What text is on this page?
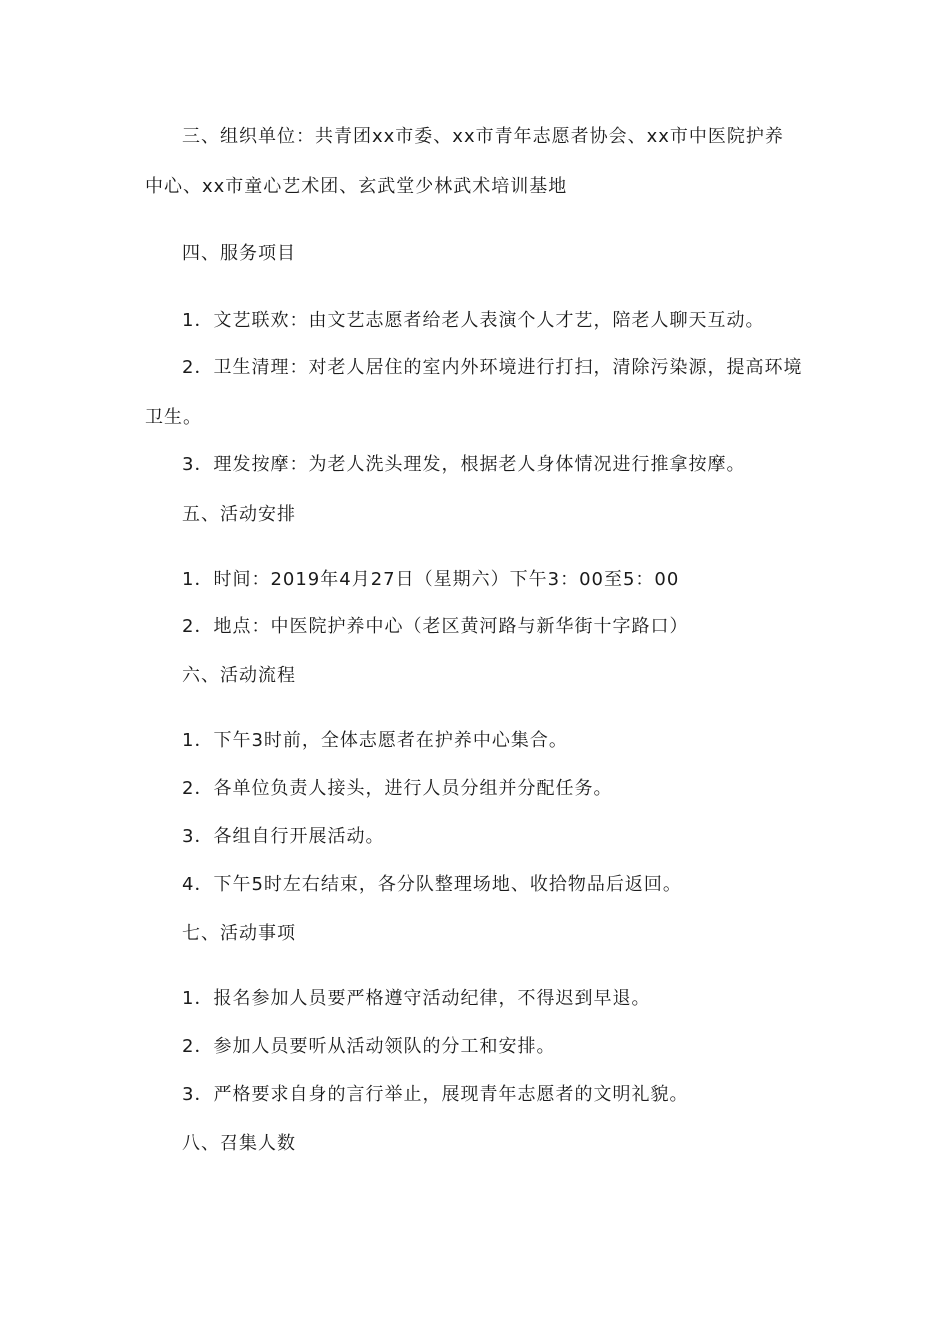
三、组织单位：共青团xx市委、xx市青年志愿者协会、xx市中医院护养
中心、xx市童心艺术团、玄武堂少林武术培训基地
四、服务项目
1．文艺联欢：由文艺志愿者给老人表演个人才艺，陪老人聊天互动。
2．卫生清理：对老人居住的室内外环境进行打扫，清除污染源，提高环境
卫生。
3．理发按摩：为老人洗头理发，根据老人身体情况进行推拿按摩。
五、活动安排
1．时间：2019年4月27日（星期六）下午3：00至5：00
2．地点：中医院护养中心（老区黄河路与新华街十字路口）
六、活动流程
1．下午3时前，全体志愿者在护养中心集合。
2．各单位负责人接头，进行人员分组并分配任务。
3．各组自行开展活动。
4．下午5时左右结束，各分队整理场地、收拾物品后返回。
七、活动事项
1．报名参加人员要严格遵守活动纪律，不得迟到早退。
2．参加人员要听从活动领队的分工和安排。
3．严格要求自身的言行举止，展现青年志愿者的文明礼貌。
八、召集人数
